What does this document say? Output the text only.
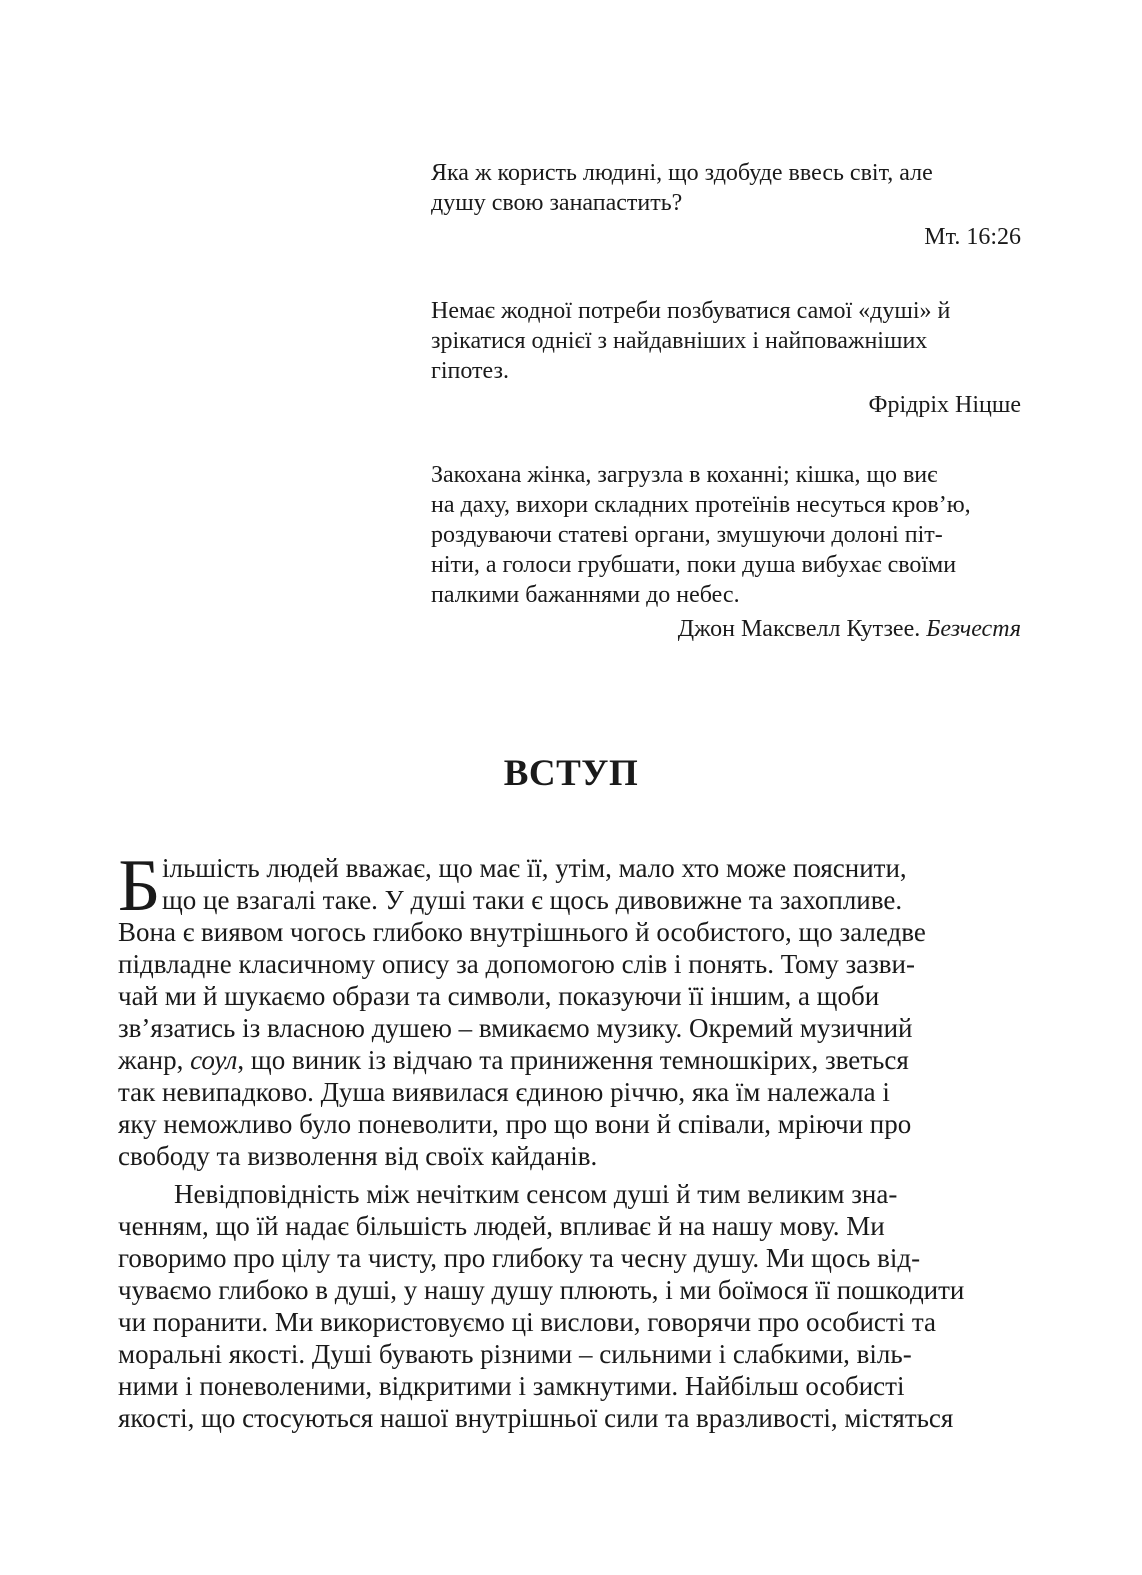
Яка ж користь людині, що здобуде ввесь світ, але
душу свою занапастить?
Мт. 16:26
Немає жодної потреби позбуватися самої «душі» й
зрікатися однієї з найдавніших і найповажніших
гіпотез.
Фрідріх Ніцше
Закохана жінка, загрузла в коханні; кішка, що виє
на даху, вихори складних протеїнів несуться кров’ю,
роздуваючи статеві органи, змушуючи долоні піт-
ніти, а голоси грубшати, поки душа вибухає своїми
палкими бажаннями до небес.
Джон Максвелл Кутзее. Безчестя
ВСТУП
Б ільшість людей вважає, що має її, утім, мало хто може пояснити,
що це взагалі таке. У душі таки є щось дивовижне та захопливе.
Вона є виявом чогось глибоко внутрішнього й особистого, що заледве
підвладне класичному опису за допомогою слів і понять. Тому зазви-
чай ми й шукаємо образи та символи, показуючи її іншим, а щоби
зв’язатись із власною душею – вмикаємо музику. Окремий музичний
жанр, соул, що виник із відчаю та приниження темношкірих, зветься
так невипадково. Душа виявилася єдиною річчю, яка їм належала і
яку неможливо було поневолити, про що вони й співали, мріючи про
свободу та визволення від своїх кайданів.
Невідповідність між нечітким сенсом душі й тим великим зна-
ченням, що їй надає більшість людей, впливає й на нашу мову. Ми
говоримо про цілу та чисту, про глибоку та чесну душу. Ми щось від-
чуваємо глибоко в душі, у нашу душу плюють, і ми боїмося її пошкодити
чи поранити. Ми використовуємо ці вислови, говорячи про особисті та
моральні якості. Душі бувають різними – сильними і слабкими, віль-
ними і поневоленими, відкритими і замкнутими. Найбільш особисті
якості, що стосуються нашої внутрішньої сили та вразливості, містяться
